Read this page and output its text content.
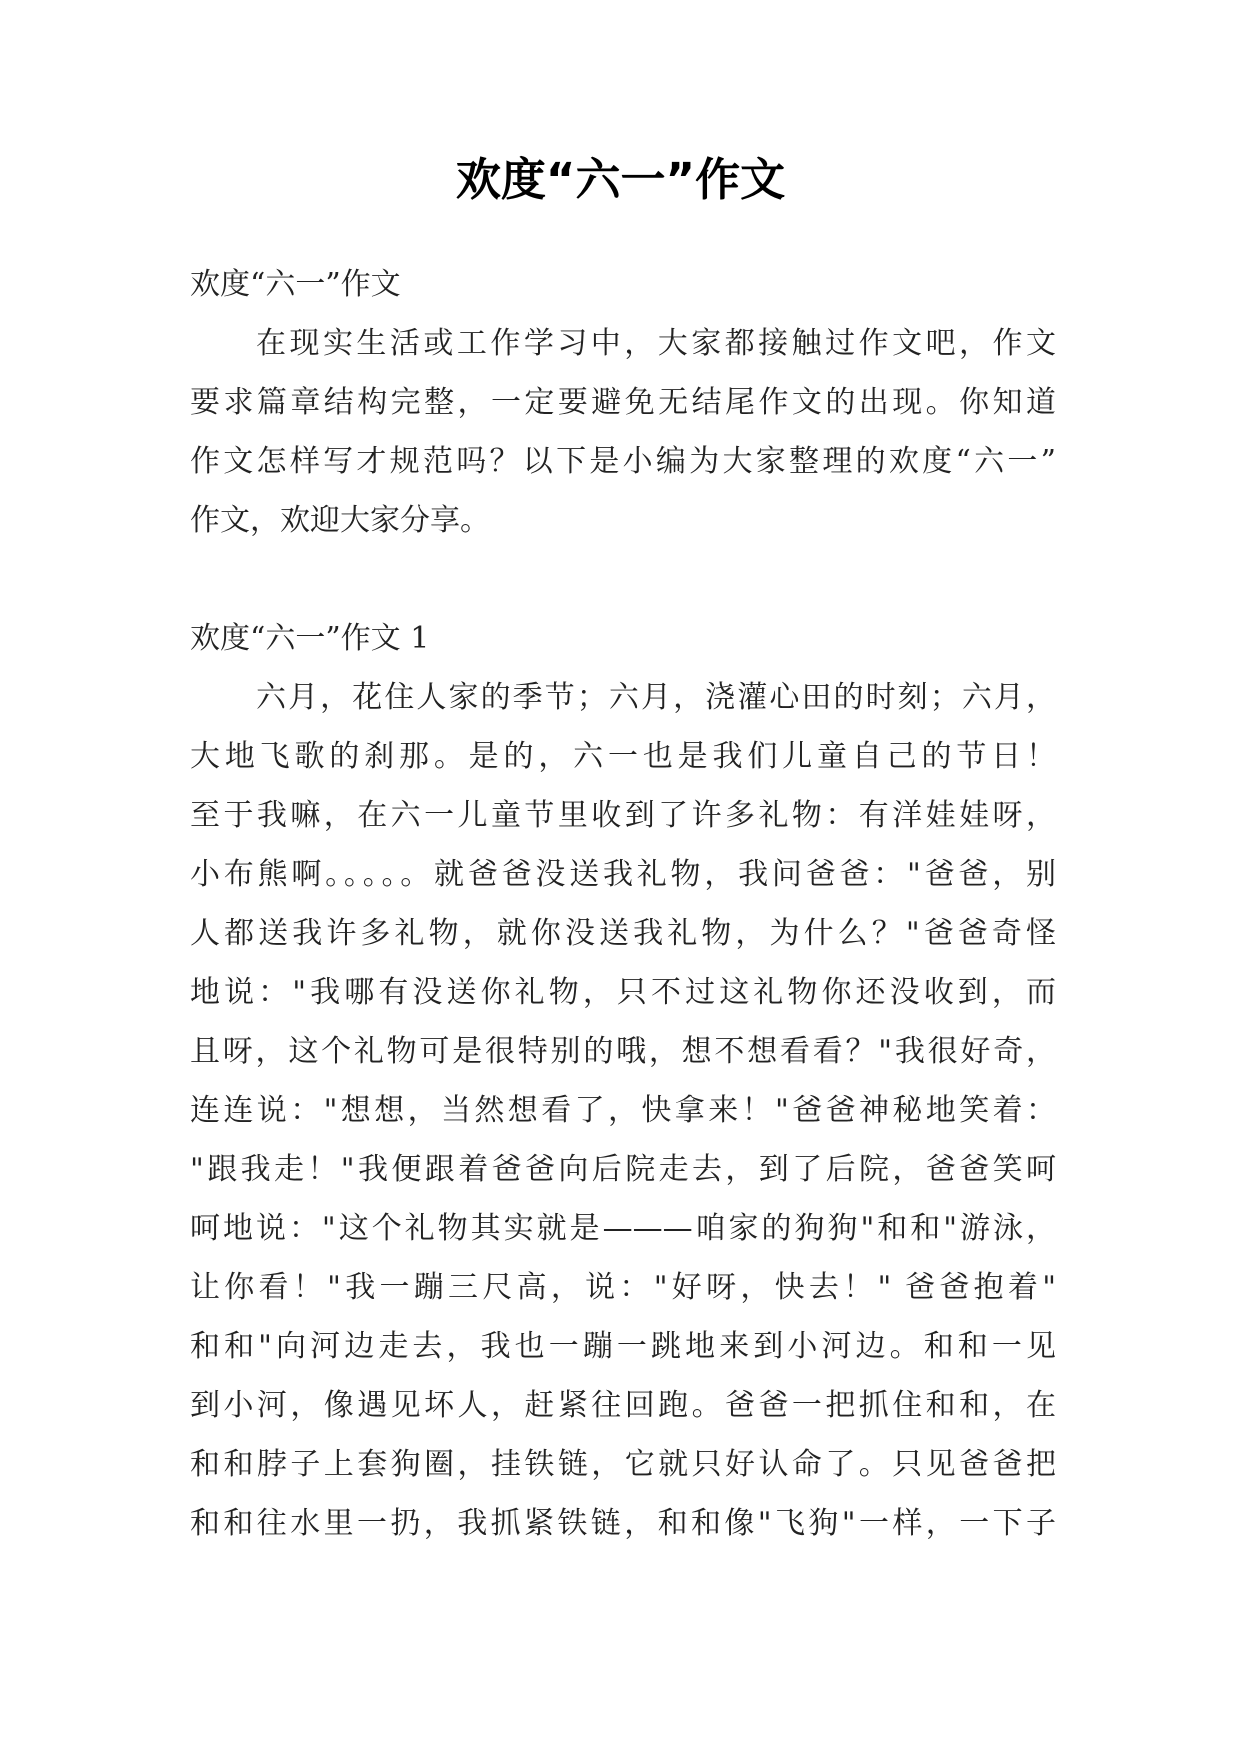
欢度“六一”作文
欢度“六一”作文
在现实生活或工作学习中，大家都接触过作文吧，作文
要求篇章结构完整，一定要避免无结尾作文的出现。你知道
作文怎样写才规范吗？以下是小编为大家整理的欢度“六一”
作文，欢迎大家分享。
欢度“六一”作文 1
六月，花住人家的季节；六月，浇灌心田的时刻；六月，
大地飞歌的刹那。是的，六一也是我们儿童自己的节日！
至于我嘛，在六一儿童节里收到了许多礼物：有洋娃娃呀，
小布熊啊。。。。。就爸爸没送我礼物，我问爸爸："爸爸，别
人都送我许多礼物，就你没送我礼物，为什么？"爸爸奇怪
地说："我哪有没送你礼物，只不过这礼物你还没收到，而
且呀，这个礼物可是很特别的哦，想不想看看？"我很好奇，
连连说："想想，当然想看了，快拿来！"爸爸神秘地笑着：
"跟我走！"我便跟着爸爸向后院走去，到了后院，爸爸笑呵
呵地说："这个礼物其实就是———咱家的狗狗"和和"游泳，
让你看！"我一蹦三尺高，说："好呀，快去！" 爸爸抱着"
和和"向河边走去，我也一蹦一跳地来到小河边。和和一见
到小河，像遇见坏人，赶紧往回跑。爸爸一把抓住和和，在
和和脖子上套狗圈，挂铁链，它就只好认命了。只见爸爸把
和和往水里一扔，我抓紧铁链，和和像"飞狗"一样，一下子
